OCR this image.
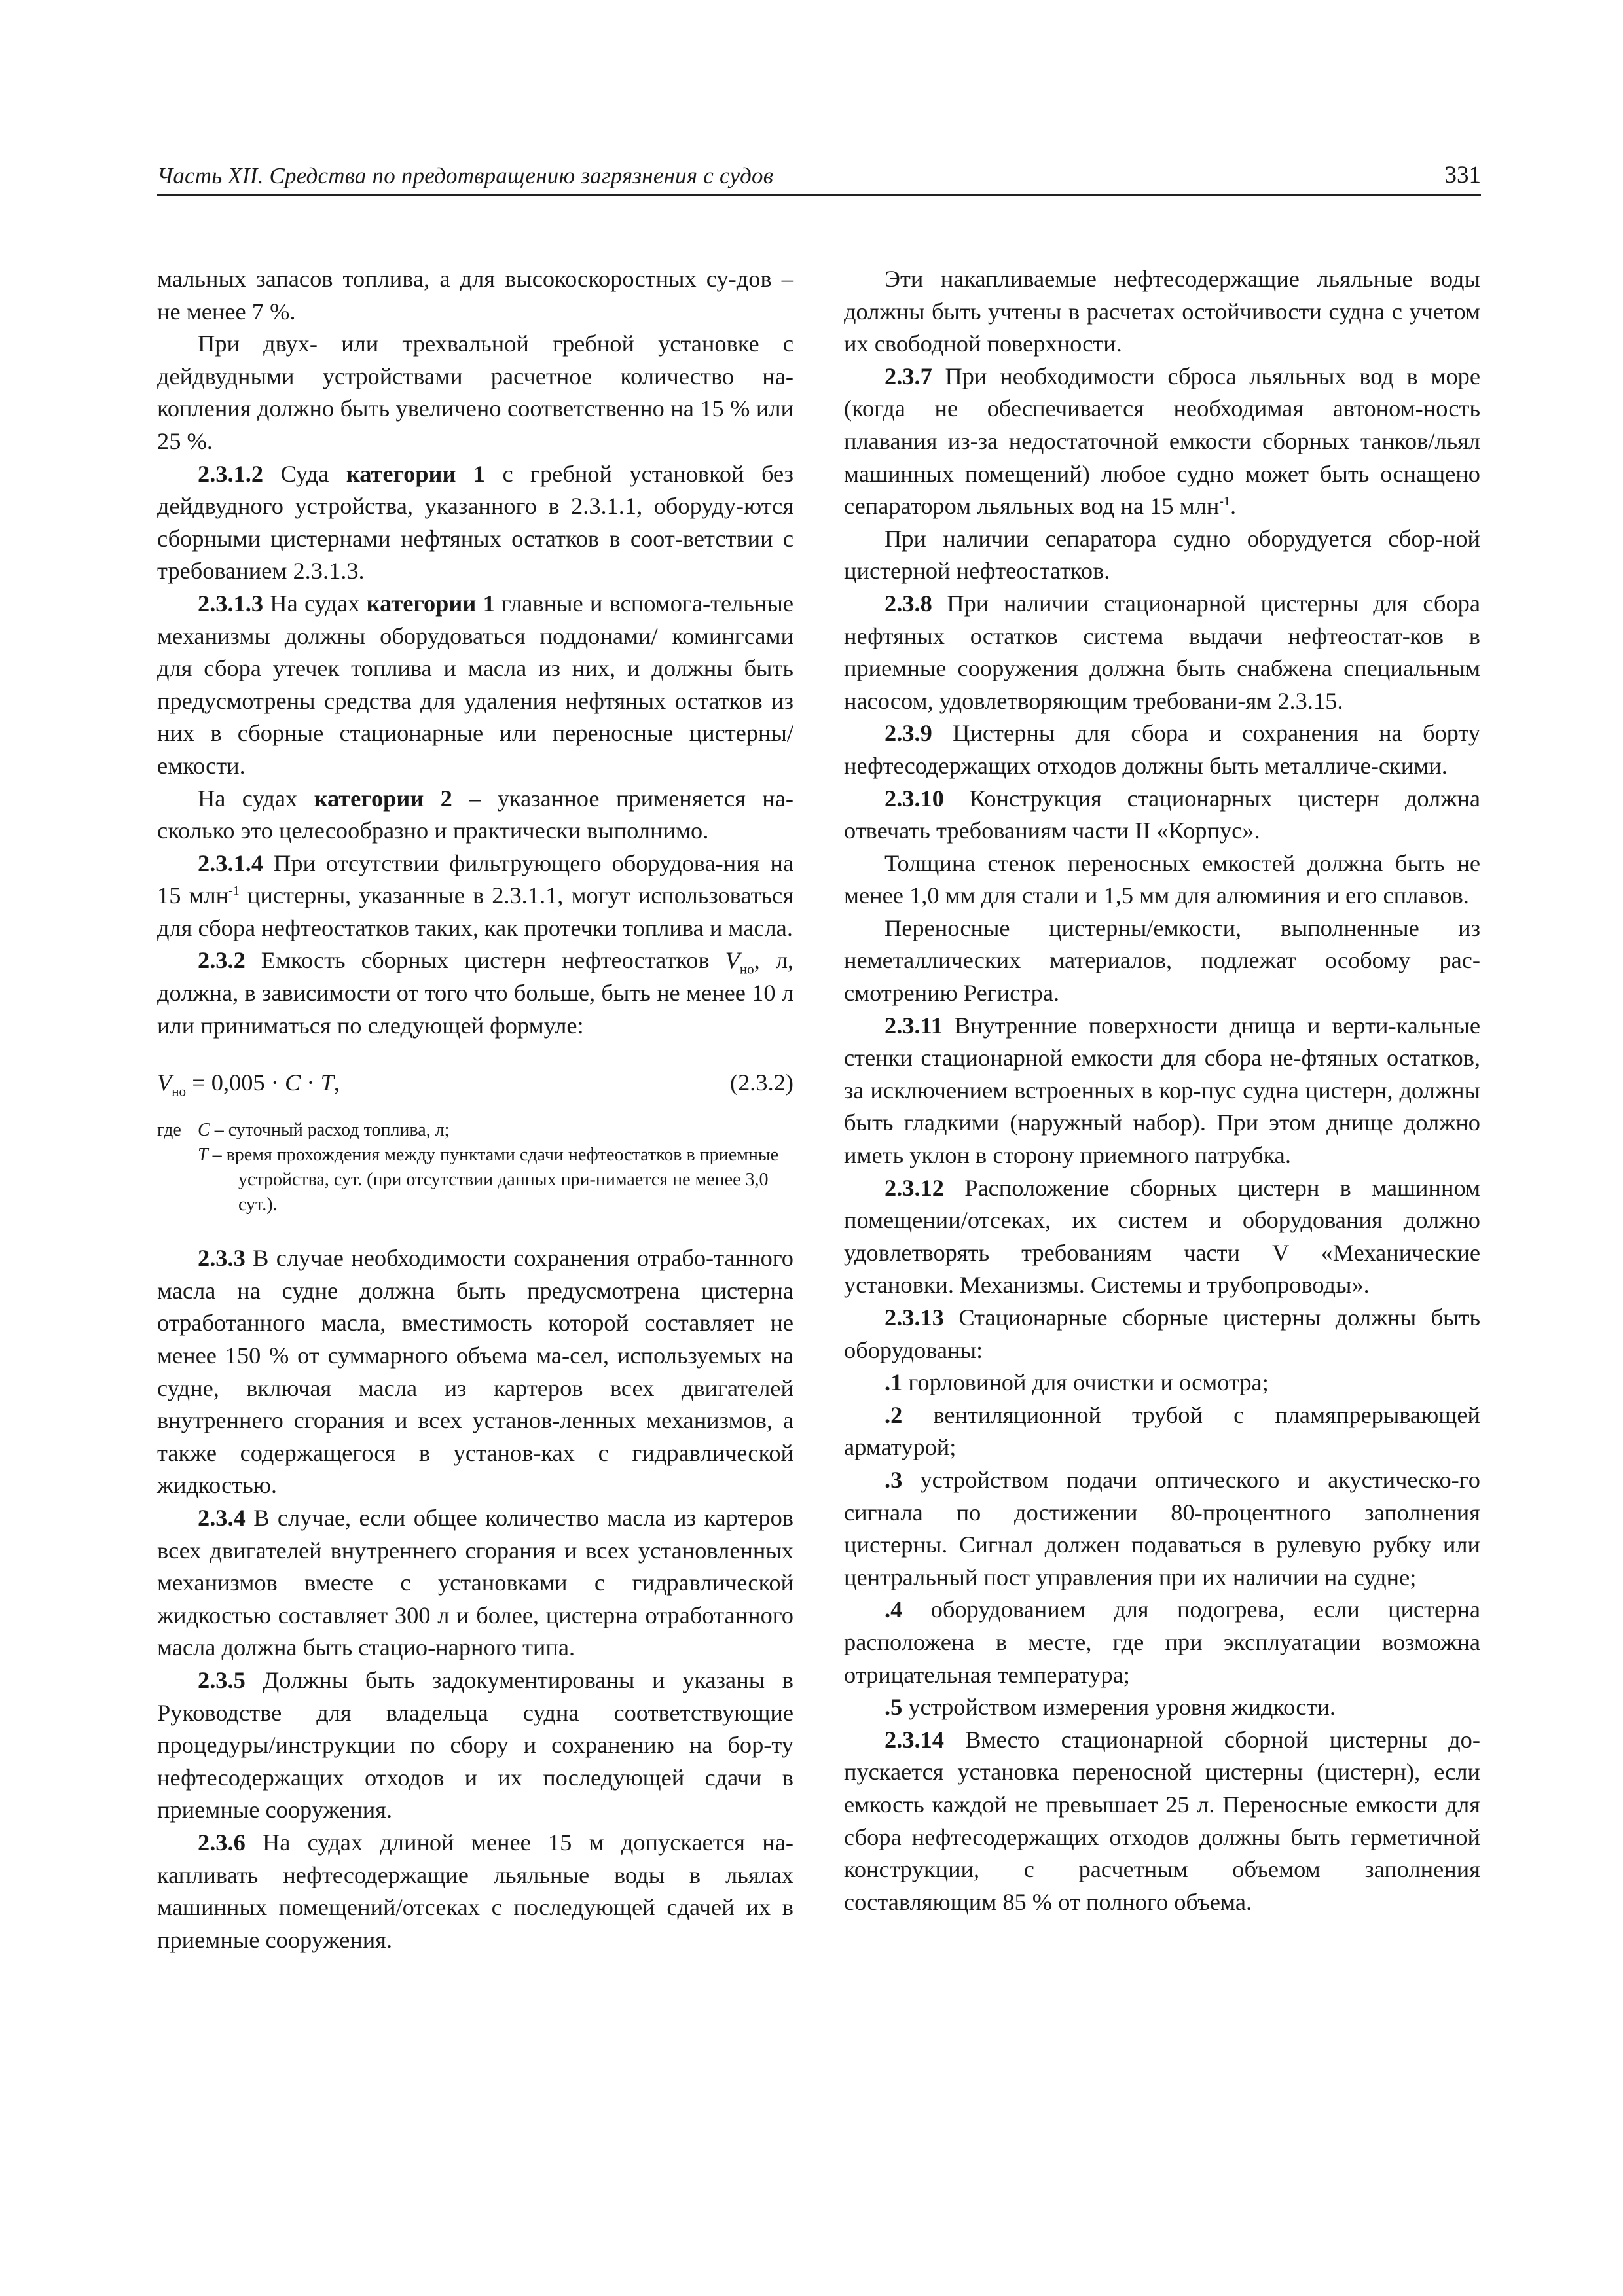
Часть XII. Средства по предотвращению загрязнения с судов	331

мальных запасов топлива, а для высокоскоростных су-дов – не менее 7 %.

При двух- или трехвальной гребной установке с дейдвудными устройствами расчетное количество на-копления должно быть увеличено соответственно на 15 % или 25 %.

2.3.1.2 Суда категории 1 с гребной установкой без дейдвудного устройства, указанного в 2.3.1.1, оборуду-ются сборными цистернами нефтяных остатков в соот-ветствии с требованием 2.3.1.3.

2.3.1.3 На судах категории 1 главные и вспомога-тельные механизмы должны оборудоваться поддонами/ комингсами для сбора утечек топлива и масла из них, и должны быть предусмотрены средства для удаления нефтяных остатков из них в сборные стационарные или переносные цистерны/емкости.

На судах категории 2 – указанное применяется на-сколько это целесообразно и практически выполнимо.

2.3.1.4 При отсутствии фильтрующего оборудова-ния на 15 млн$^{-1}$ цистерны, указанные в 2.3.1.1, могут использоваться для сбора нефтеостатков таких, как протечки топлива и масла.

2.3.2 Емкость сборных цистерн нефтеостатков $V_{но}$, л, должна, в зависимости от того что больше, быть не менее 10 л или приниматься по следующей формуле:

$V_{но} = 0,005 \cdot C \cdot T$,	(2.3.2)
где C – суточный расход топлива, л;
T – время прохождения между пунктами сдачи нефтеостатков в приемные устройства, сут. (при отсутствии данных при-нимается не менее 3,0 сут.).

2.3.3 В случае необходимости сохранения отрабо-танного масла на судне должна быть предусмотрена цистерна отработанного масла, вместимость которой составляет не менее 150 % от суммарного объема ма-сел, используемых на судне, включая масла из картеров всех двигателей внутреннего сгорания и всех установ-ленных механизмов, а также содержащегося в установ-ках с гидравлической жидкостью.

2.3.4 В случае, если общее количество масла из картеров всех двигателей внутреннего сгорания и всех установленных механизмов вместе с установками с гидравлической жидкостью составляет 300 л и более, цистерна отработанного масла должна быть стацио-нарного типа.

2.3.5 Должны быть задокументированы и указаны в Руководстве для владельца судна соответствующие процедуры/инструкции по сбору и сохранению на бор-ту нефтесодержащих отходов и их последующей сдачи в приемные сооружения.

2.3.6 На судах длиной менее 15 м допускается на-капливать нефтесодержащие льяльные воды в льялах машинных помещений/отсеках с последующей сдачей их в приемные сооружения.

Эти накапливаемые нефтесодержащие льяльные воды должны быть учтены в расчетах остойчивости судна с учетом их свободной поверхности.

2.3.7 При необходимости сброса льяльных вод в море (когда не обеспечивается необходимая автоном-ность плавания из-за недостаточной емкости сборных танков/льял машинных помещений) любое судно может быть оснащено сепаратором льяльных вод на 15 млн$^{-1}$.

При наличии сепаратора судно оборудуется сбор-ной цистерной нефтеостатков.

2.3.8 При наличии стационарной цистерны для сбора нефтяных остатков система выдачи нефтеостат-ков в приемные сооружения должна быть снабжена специальным насосом, удовлетворяющим требовани-ям 2.3.15.

2.3.9 Цистерны для сбора и сохранения на борту нефтесодержащих отходов должны быть металличе-скими.

2.3.10 Конструкция стационарных цистерн должна отвечать требованиям части II «Корпус».

Толщина стенок переносных емкостей должна быть не менее 1,0 мм для стали и 1,5 мм для алюминия и его сплавов.

Переносные цистерны/емкости, выполненные из неметаллических материалов, подлежат особому рас-смотрению Регистра.

2.3.11 Внутренние поверхности днища и верти-кальные стенки стационарной емкости для сбора не-фтяных остатков, за исключением встроенных в кор-пус судна цистерн, должны быть гладкими (наружный набор). При этом днище должно иметь уклон в сторону приемного патрубка.

2.3.12 Расположение сборных цистерн в машинном помещении/отсеках, их систем и оборудования должно удовлетворять требованиям части V «Механические установки. Механизмы. Системы и трубопроводы».

2.3.13 Стационарные сборные цистерны должны быть оборудованы:

.1 горловиной для очистки и осмотра;

.2 вентиляционной трубой с пламяпрерывающей арматурой;

.3 устройством подачи оптического и акустическо-го сигнала по достижении 80-процентного заполнения цистерны. Сигнал должен подаваться в рулевую рубку или центральный пост управления при их наличии на судне;

.4 оборудованием для подогрева, если цистерна расположена в месте, где при эксплуатации возможна отрицательная температура;

.5 устройством измерения уровня жидкости.

2.3.14 Вместо стационарной сборной цистерны до-пускается установка переносной цистерны (цистерн), если емкость каждой не превышает 25 л. Переносные емкости для сбора нефтесодержащих отходов должны быть герметичной конструкции, с расчетным объемом заполнения составляющим 85 % от полного объема.
